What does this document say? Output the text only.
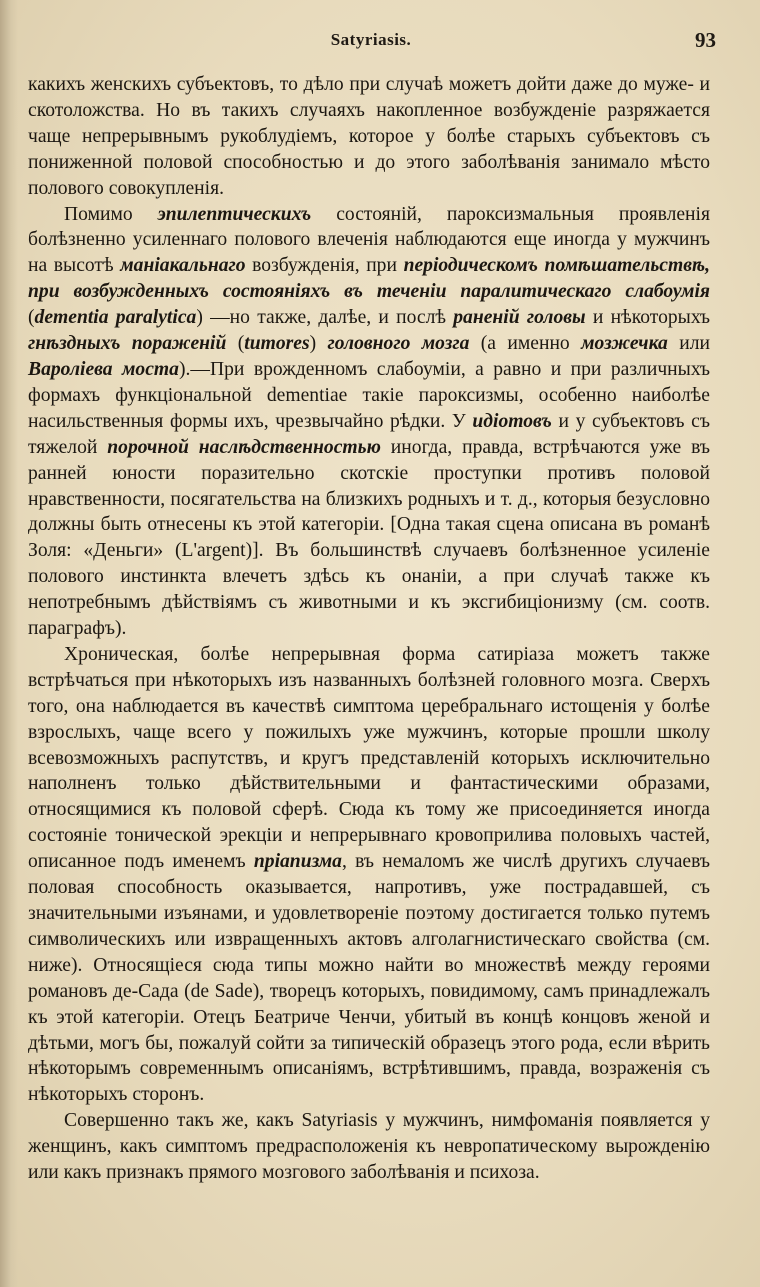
Satyriasis.	93

какихъ женскихъ субъектовъ, то дѣло при случаѣ можетъ дойти даже до муже- и скотоложства. Но въ такихъ случаяхъ накопленное возбужденіе разряжается чаще непрерывнымъ рукоблудіемъ, которое у болѣе старыхъ субъектовъ съ пониженной половой способностью и до этого заболѣванія занимало мѣсто полового совокупленія.

Помимо эпилептическихъ состояній, пароксизмальныя проявленія болѣзненно усиленнаго полового влеченія наблюдаются еще иногда у мужчинъ на высотѣ маніакальнаго возбужденія, при періодическомъ помѣшательствѣ, при возбужденныхъ состояніяхъ въ теченіи паралитическаго слабоумія (dementia paralytica) —но также, далѣе, и послѣ раненій головы и нѣкоторыхъ гнѣздныхъ пораженій (tumores) головного мозга (а именно мозжечка или Варолiева моста).—При врожденномъ слабоуміи, а равно и при различныхъ формахъ функціональной dementiae такіе пароксизмы, особенно наиболѣе насильственныя формы ихъ, чрезвычайно рѣдки. У идіотовъ и у субъектовъ съ тяжелой порочной наслѣдственностью иногда, правда, встрѣчаются уже въ ранней юности поразительно скотскіе проступки противъ половой нравственности, посягательства на близкихъ родныхъ и т. д., которыя безусловно должны быть отнесены къ этой категоріи. [Одна такая сцена описана въ романѣ Золя: «Деньги» (L'argent)]. Въ большинствѣ случаевъ болѣзненное усиленіе полового инстинкта влечетъ здѣсь къ онаніи, а при случаѣ также къ непотребнымъ дѣйствіямъ съ животными и къ эксгибиціонизму (см. соотв. параграфъ).

Хроническая, болѣе непрерывная форма сатиріаза можетъ также встрѣчаться при нѣкоторыхъ изъ названныхъ болѣзней головного мозга. Сверхъ того, она наблюдается въ качествѣ симптома церебральнаго истощенія у болѣе взрослыхъ, чаще всего у пожилыхъ уже мужчинъ, которые прошли школу всевозможныхъ распутствъ, и кругъ представленій которыхъ исключительно наполненъ только дѣйствительными и фантастическими образами, относящимися къ половой сферѣ. Сюда къ тому же присоединяется иногда состояніе тонической эрекціи и непрерывнаго кровоприлива половыхъ частей, описанное подъ именемъ пріапизма, въ немаломъ же числѣ другихъ случаевъ половая способность оказывается, напротивъ, уже пострадавшей, съ значительными изъянами, и удовлетвореніе поэтому достигается только путемъ символическихъ или извращенныхъ актовъ алголагнистическаго свойства (см. ниже). Относящіеся сюда типы можно найти во множествѣ между героями романовъ де-Сада (de Sade), творецъ которыхъ, повидимому, самъ принадлежалъ къ этой категоріи. Отецъ Беатриче Ченчи, убитый въ концѣ концовъ женой и дѣтьми, могъ бы, пожалуй сойти за типическій образецъ этого рода, если вѣрить нѣкоторымъ современнымъ описаніямъ, встрѣтившимъ, правда, возраженія съ нѣкоторыхъ сторонъ.

Совершенно такъ же, какъ Satyriasis у мужчинъ, нимфоманія появляется у женщинъ, какъ симптомъ предрасположенія къ невропатическому вырожденію или какъ признакъ прямого мозгового заболѣванія и психоза.
